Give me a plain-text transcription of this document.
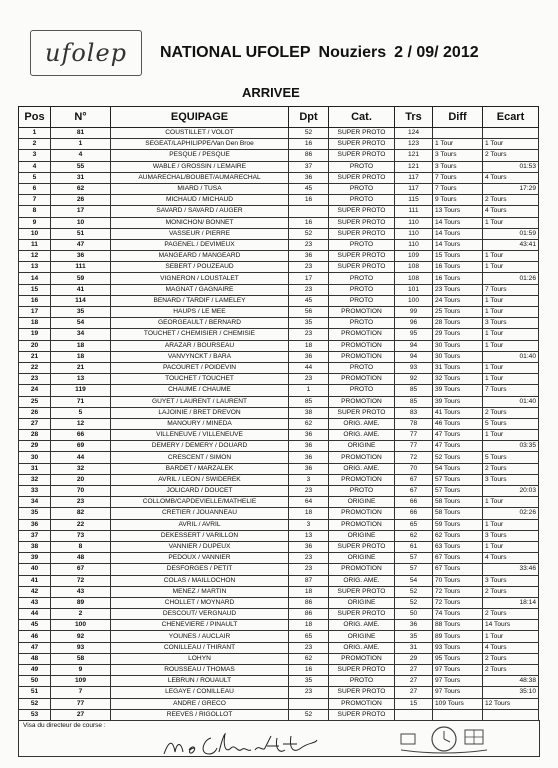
ufolep NATIONAL UFOLEP Nouziers 2 / 09/ 2012
ARRIVEE
Pos	N°	EQUIPAGE	Dpt	Cat.	Trs	Diff	Ecart
1	81	COUSTILLET / VOLOT	52	SUPER PROTO	124		
2	1	SEGEAT/LAPHILIPPE/Van Den Broe	16	SUPER PROTO	123	1 Tour	1 Tour
3	4	PESQUE / PESQUE	86	SUPER PROTO	121	3 Tours	2 Tours
4	55	WABLE / GROSSIN / LEMAIRE	37	PROTO	121	3 Tours	01:53
5	31	AUMARECHAL/BOUBET/AUMARECHAL	36	SUPER PROTO	117	7 Tours	4 Tours
6	62	MIARD / TUSA	45	PROTO	117	7 Tours	17:29
7	26	MICHAUD / MICHAUD	16	PROTO	115	9 Tours	2 Tours
8	17	SAVARD / SAVARD / AUGER		SUPER PROTO	111	13 Tours	4 Tours
9	10	MONICHON/ BONNET	16	SUPER PROTO	110	14 Tours	1 Tour
10	51	VASSEUR / PIERRE	52	SUPER PROTO	110	14 Tours	01:59
11	47	PAGENEL / DEVIMEUX	23	PROTO	110	14 Tours	43:41
12	36	MANGEARD / MANGEARD	36	SUPER PROTO	109	15 Tours	1 Tour
13	111	SEBERT / POUZEAUD	23	SUPER PROTO	108	16 Tours	1 Tour
14	59	VIGNERON / LOUSTALET	17	PROTO	108	16 Tours	01:26
15	41	MAGNAT / GAGNAIRE	23	PROTO	101	23 Tours	7 Tours
16	114	BENARD / TARDIF / LAMELEY	45	PROTO	100	24 Tours	1 Tour
17	35	HAUPS / LE MEE	56	PROMOTION	99	25 Tours	1 Tour
18	54	GEORGEAULT / BERNARD	35	PROTO	96	28 Tours	3 Tours
19	34	TOUCHET / CHEMISIER / CHEMISIE	23	PROMOTION	95	29 Tours	1 Tour
20	18	ARAZAR / BOURSEAU	18	PROMOTION	94	30 Tours	1 Tour
21	18	VANVYNCKT / BARA	36	PROMOTION	94	30 Tours	01:40
22	21	PACOURET / POIDEVIN	44	PROTO	93	31 Tours	1 Tour
23	13	TOUCHET / TOUCHET	23	PROMOTION	92	32 Tours	1 Tour
24	119	CHAUME / CHAUME	1	PROTO	85	39 Tours	7 Tours
25	71	GUYET / LAURENT / LAURENT	85	PROMOTION	85	39 Tours	01:40
26	5	LAJOINIE / BRET DREVON	38	SUPER PROTO	83	41 Tours	2 Tours
27	12	MANOURY / MINEDA	62	ORIG. AME.	78	46 Tours	5 Tours
28	66	VILLENEUVE / VILLENEUVE	36	ORIG. AME.	77	47 Tours	1 Tour
29	69	DEMERY / DEMERY / DOUARD	36	ORIGINE	77	47 Tours	03:35
30	44	CRESCENT / SIMON	36	PROMOTION	72	52 Tours	5 Tours
31	32	BARDET / MARZALEK	36	ORIG. AME.	70	54 Tours	2 Tours
32	20	AVRIL / LEON / SWIDEREK	3	PROMOTION	67	57 Tours	3 Tours
33	70	JOLICARD / DOUCET	23	PROTO	67	57 Tours	20:03
34	23	COLLOMB/CAPDEVIELLE/MATHELIE	64	ORIGINE	66	58 Tours	1 Tour
35	82	CRETIER / JOUANNEAU	18	PROMOTION	66	58 Tours	02:26
36	22	AVRIL / AVRIL	3	PROMOTION	65	59 Tours	1 Tour
37	73	DEKESSERT / VARILLON	13	ORIGINE	62	62 Tours	3 Tours
38	8	VANNIER / DUPEUX	36	SUPER PROTO	61	63 Tours	1 Tour
39	48	PEDOUX / VANNIER	23	ORIGINE	57	67 Tours	4 Tours
40	67	DESFORGES / PETIT	23	PROMOTION	57	67 Tours	33:46
41	72	COLAS / MAILLOCHON	87	ORIG. AME.	54	70 Tours	3 Tours
42	43	MENEZ / MARTIN	18	SUPER PROTO	52	72 Tours	2 Tours
43	89	CHOLLET / MOYNARD	86	ORIGINE	52	72 Tours	18:14
44	2	DESCOUT/ VERGNAUD	86	SUPER PROTO	50	74 Tours	2 Tours
45	100	CHENEVIERE / PINAULT	18	ORIG. AME.	36	88 Tours	14 Tours
46	92	YOUNES / AUCLAIR	65	ORIGINE	35	89 Tours	1 Tour
47	93	CONILLEAU / THIRANT	23	ORIG. AME.	31	93 Tours	4 Tours
48	58	LOHYN	62	PROMOTION	29	95 Tours	2 Tours
49	9	ROUSSEAU / THOMAS	16	SUPER PROTO	27	97 Tours	2 Tours
50	109	LEBRUN / ROUAULT	35	PROTO	27	97 Tours	48:38
51	7	LEGAYE / CONILLEAU	23	SUPER PROTO	27	97 Tours	35:10
52	77	ANDRE / GRECO		PROMOTION	15	109 Tours	12 Tours
53	27	REEVES / RIGOLLOT	52	SUPER PROTO			
Visa du directeur de course :
